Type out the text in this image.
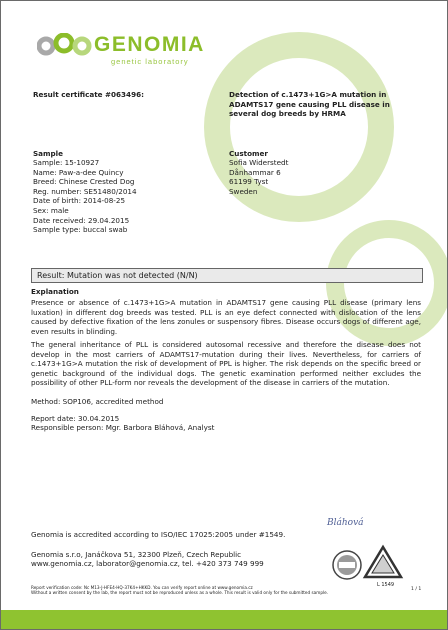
GENOMIA
genetic laboratory
Result certificate #063496:	Detection of c.1473+1G>A mutation in ADAMTS17 gene causing PLL disease in several dog breeds by HRMA
Sample
Sample: 15-10927
Name: Paw-a-dee Quincy
Breed: Chinese Crested Dog
Reg. number: SE51480/2014
Date of birth: 2014-08-25
Sex: male
Date received: 29.04.2015
Sample type: buccal swab
Customer
Sofia Widerstedt
Dånhammar 6
61199 Tyst
Sweden
Result: Mutation was not detected (N/N)
Explanation

Presence or absence of c.1473+1G>A mutation in ADAMTS17 gene causing PLL disease (primary lens luxation) in different dog breeds was tested. PLL is an eye defect connected with dislocation of the lens caused by defective fixation of the lens zonules or suspensory fibres. Disease occurs dogs of different age, even results in blinding.

The general inheritance of PLL is considered autosomal recessive and therefore the disease does not develop in the most carriers of ADAMTS17-mutation during their lives. Nevertheless, for carriers of c.1473+1G>A mutation the risk of development of PPL is higher. The risk depends on the specific breed or genetic background of the individual dogs. The genetic examination performed neither excludes the possibility of other PLL-form nor reveals the development of the disease in carriers of the mutation.

Method: SOP106, accredited method
Report date: 30.04.2015
Responsible person: Mgr. Barbora Bláhová, Analyst
Bláhová
Genomia is accredited according to ISO/IEC 17025:2005 under #1549.
Genomia s.r.o, Janáčkova 51, 32300 Plzeň, Czech Republic
www.genomia.cz, laborator@genomia.cz, tel. +420 373 749 999
L 1549
Report verification code: Nc M13-J-HFE4-HQ-37K4+HKKD. You can verify report online at www.genomia.cz
Without a written consent by the lab, the report must not be reproduced unless as a whole. This result is valid only for the submitted sample.
1 / 1
